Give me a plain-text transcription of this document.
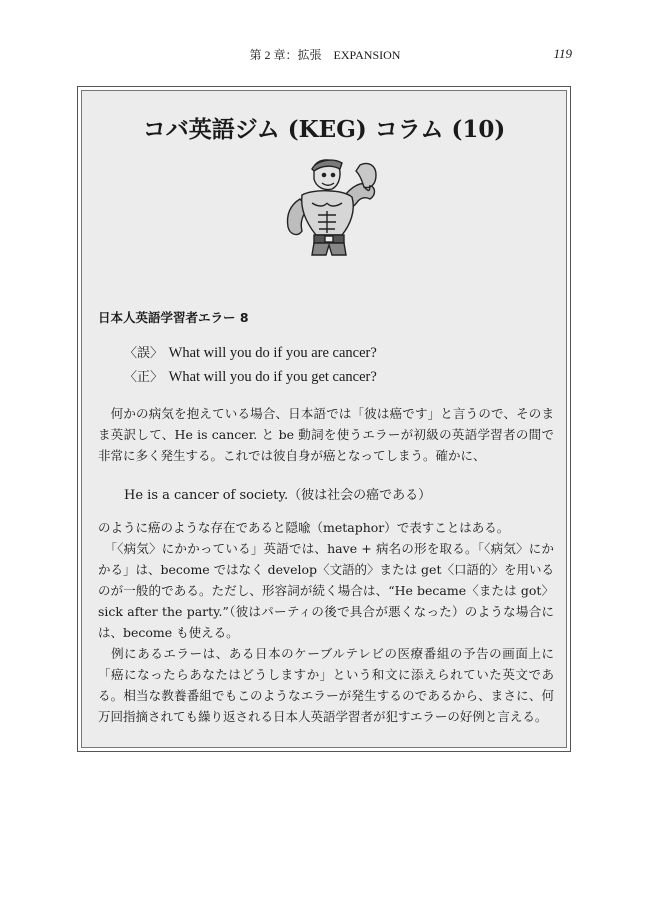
第 2 章：拡張　EXPANSION	119
コバ英語ジム (KEG) コラム (10)
日本人英語学習者エラー 8
〈誤〉 What will you do if you are cancer?
〈正〉 What will you do if you get cancer?
　何かの病気を抱えている場合、日本語では「彼は癌です」と言うので、そのまま英訳して、He is cancer. と be 動詞を使うエラーが初級の英語学習者の間で非常に多く発生する。これでは彼自身が癌となってしまう。確かに、
He is a cancer of society.（彼は社会の癌である）
のように癌のような存在であると隠喩（metaphor）で表すことはある。
　「〈病気〉にかかっている」英語では、have + 病名の形を取る。「〈病気〉にかかる」は、become ではなく develop〈文語的〉または get〈口語的〉を用いるのが一般的である。ただし、形容詞が続く場合は、“He became〈または got〉sick after the party.”（彼はパーティの後で具合が悪くなった）のような場合には、become も使える。
　例にあるエラーは、ある日本のケーブルテレビの医療番組の予告の画面上に「癌になったらあなたはどうしますか」という和文に添えられていた英文である。相当な教養番組でもこのようなエラーが発生するのであるから、まさに、何万回指摘されても繰り返される日本人英語学習者が犯すエラーの好例と言える。
